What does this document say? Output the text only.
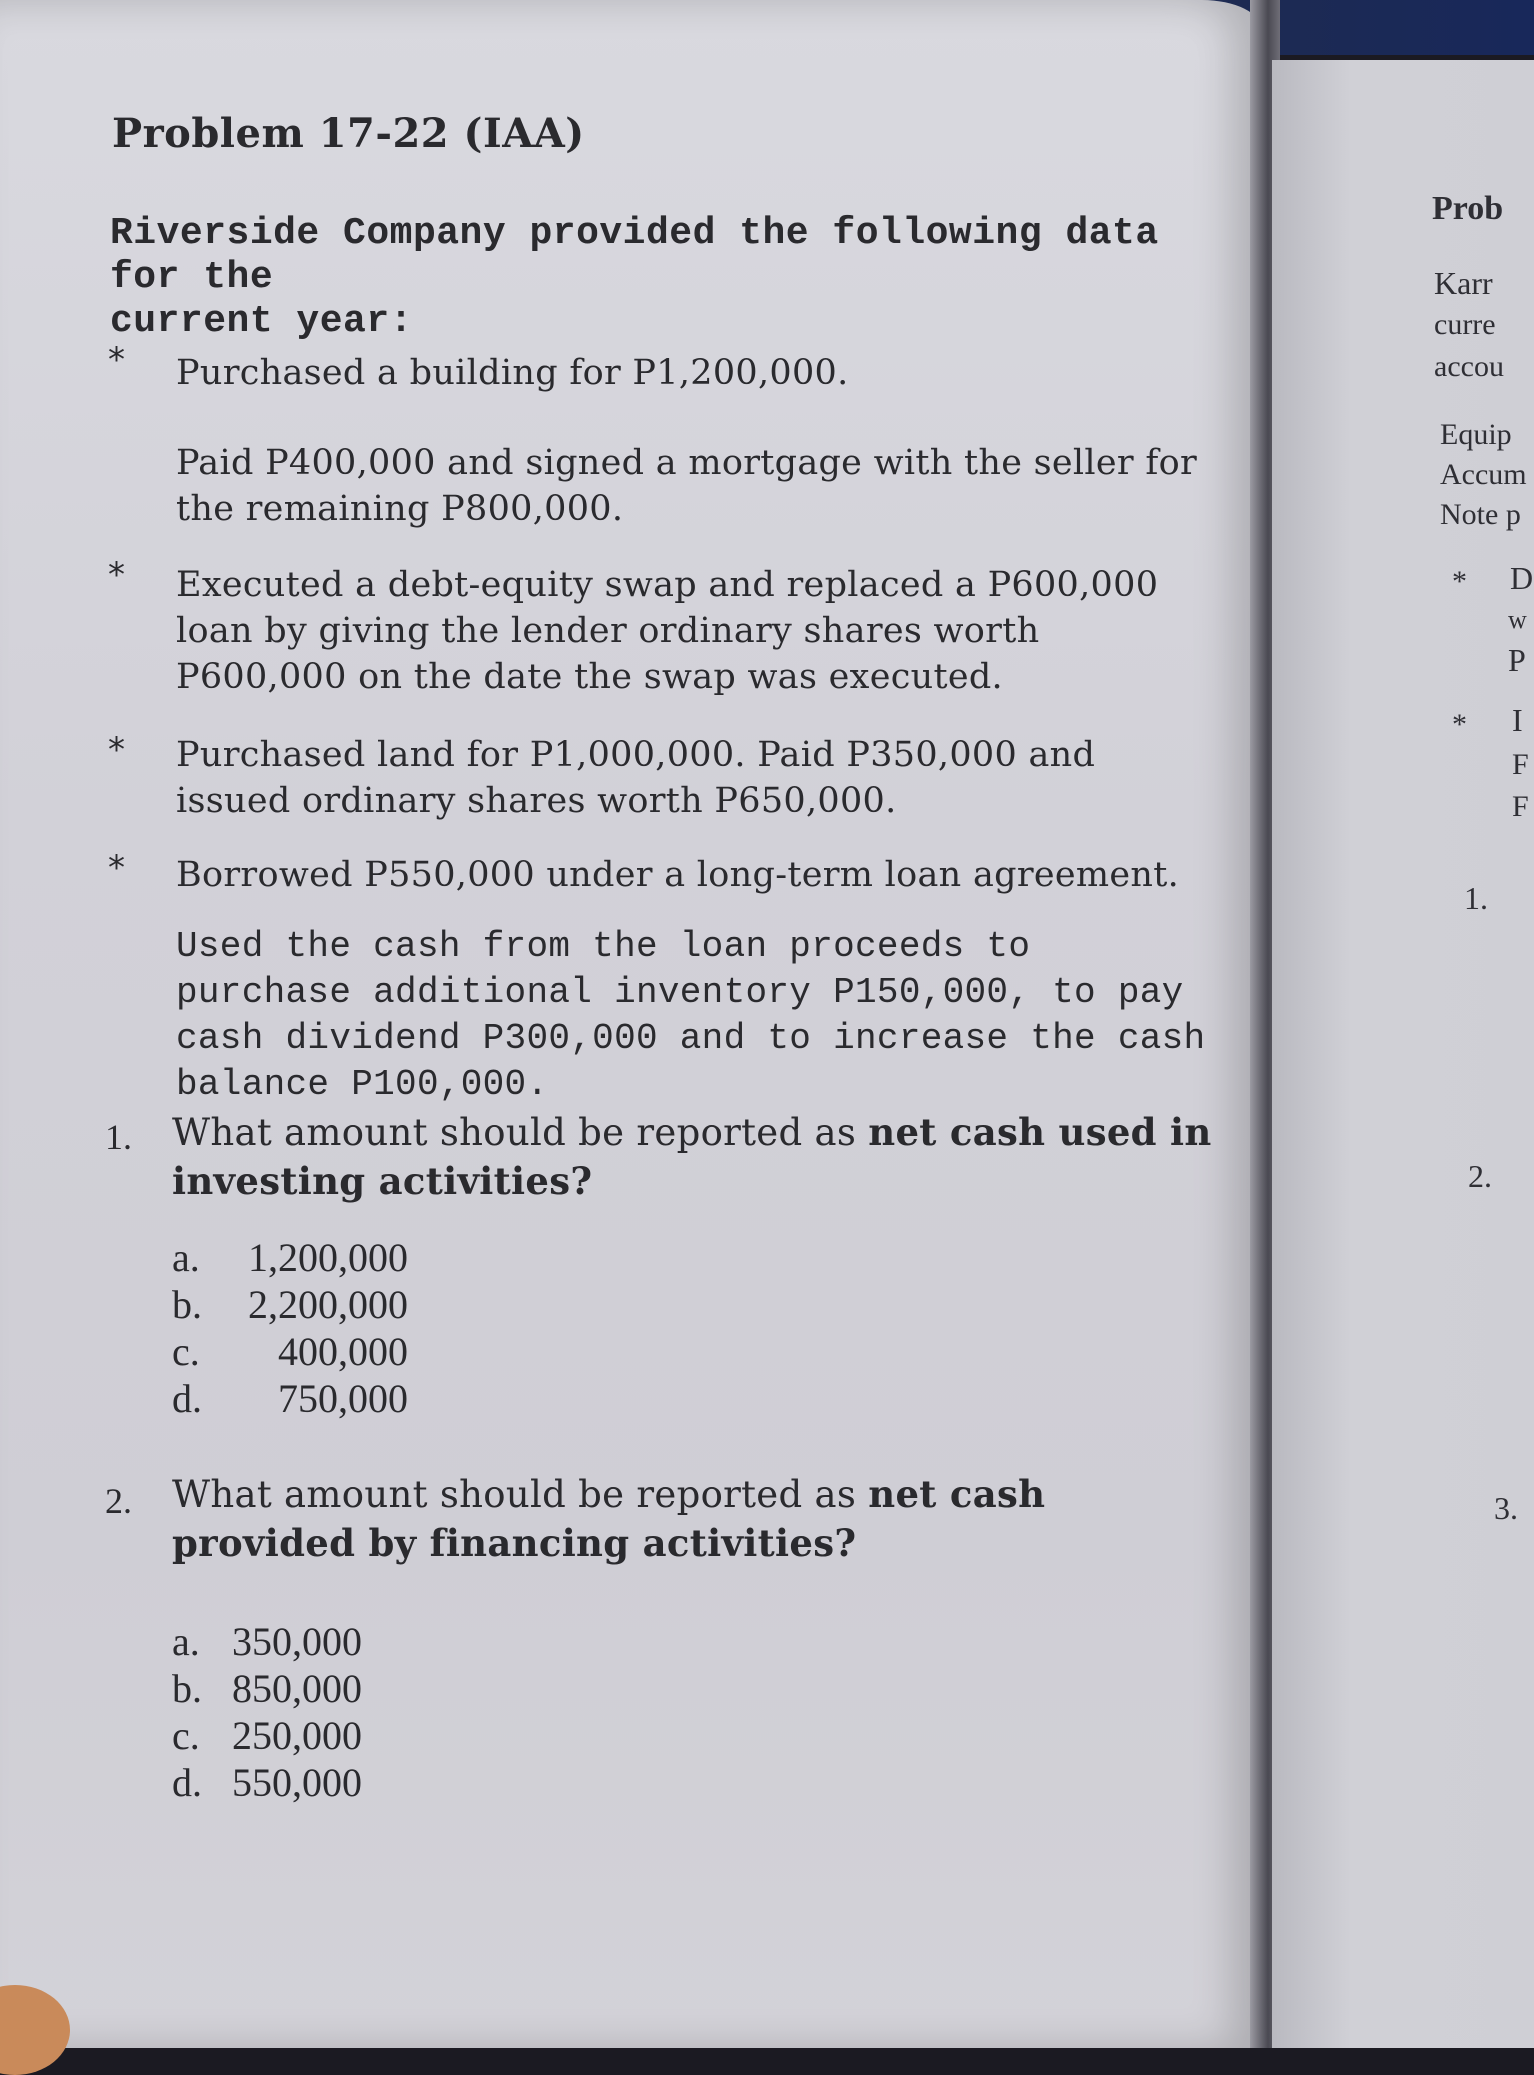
Prob
Karr
curre
accou
Equip
Accum
Note p
* D
w
P
* I
F
F
1.
2.
3.
Problem 17-22 (IAA)
Riverside Company provided the following data for the
current year:
* Purchased a building for P1,200,000.
Paid P400,000 and signed a mortgage with the seller for the remaining P800,000.
* Executed a debt-equity swap and replaced a P600,000 loan by giving the lender ordinary shares worth P600,000 on the date the swap was executed.
* Purchased land for P1,000,000. Paid P350,000 and issued ordinary shares worth P650,000.
* Borrowed P550,000 under a long-term loan agreement.
Used the cash from the loan proceeds to purchase additional inventory P150,000, to pay cash dividend P300,000 and to increase the cash balance P100,000.
1. What amount should be reported as net cash used in investing activities?
a.	1,200,000
b.	2,200,000
c.	400,000
d.	750,000
2. What amount should be reported as net cash provided by financing activities?
a. 350,000
b. 850,000
c. 250,000
d. 550,000
